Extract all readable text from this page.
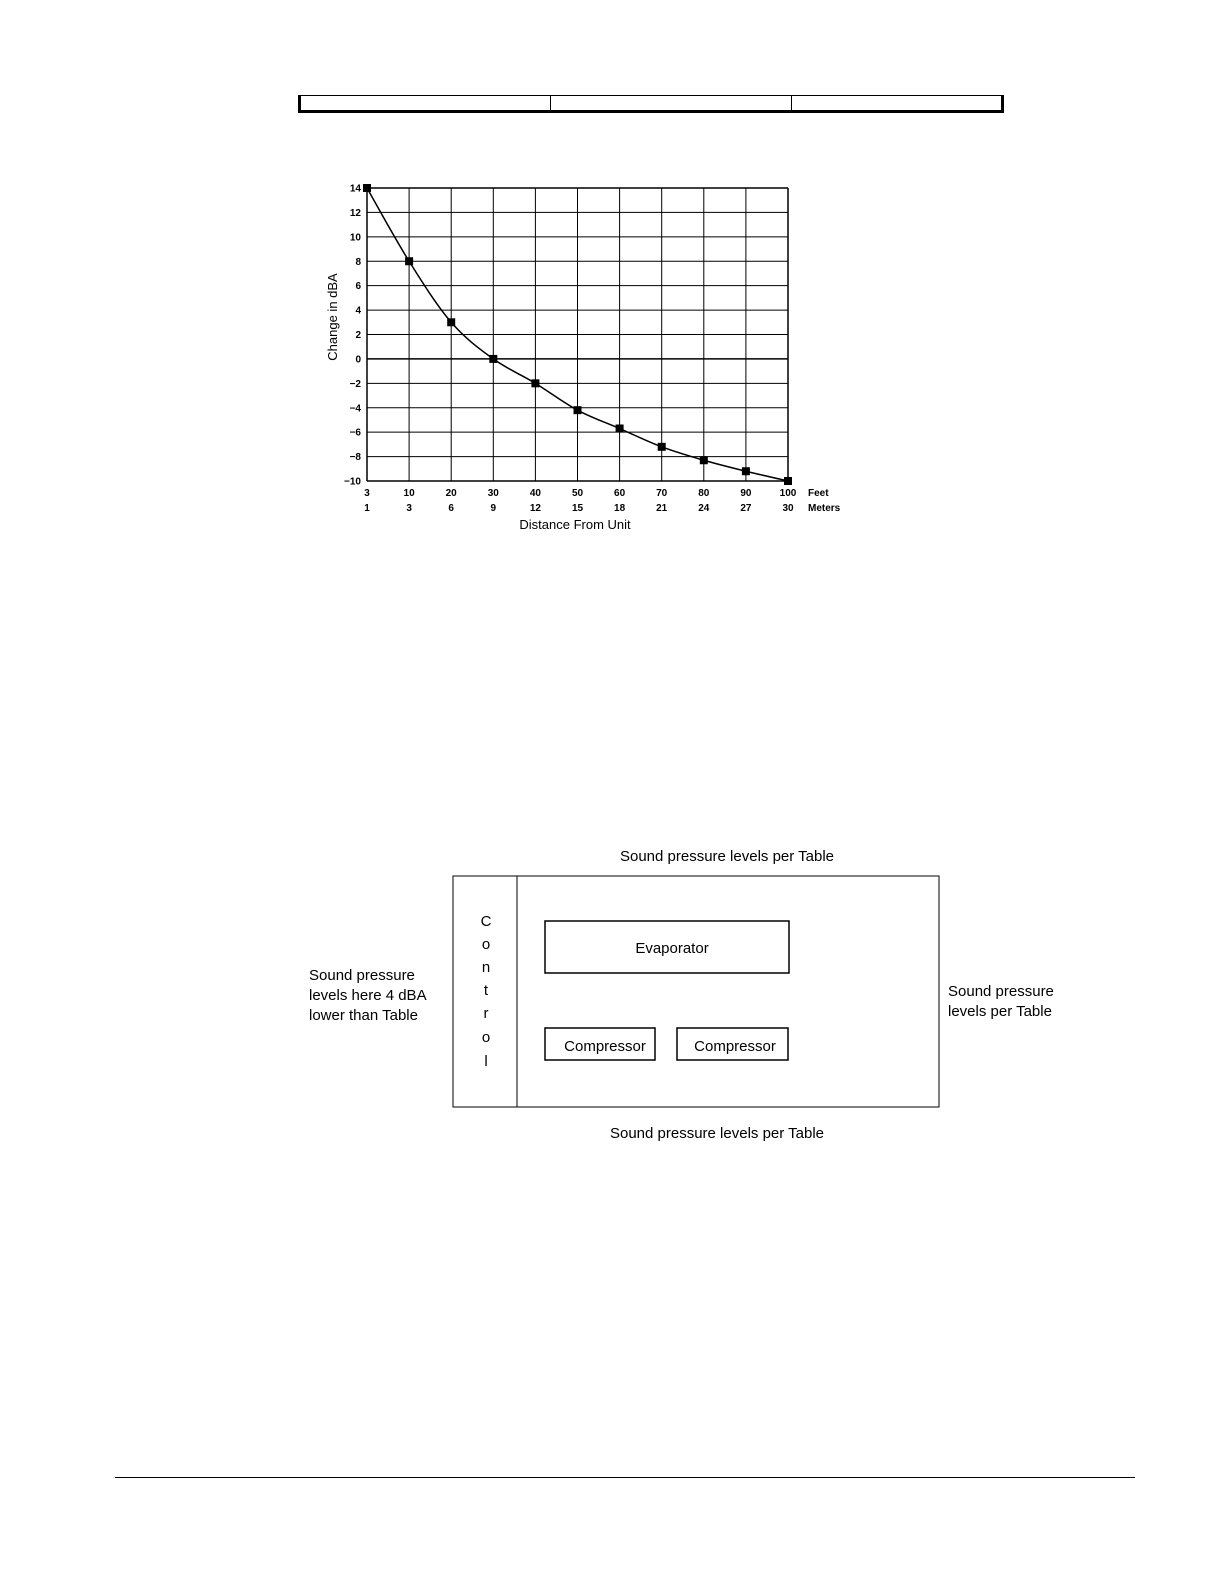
14
12
10
8
6
4
2
0
−2
−4
−6
−8
−10
3	10	20	30	40	50	60	70	80	90	100
1	3	6	9	12	15	18	21	24	27	30
Feet
Meters
Distance From Unit
Change in dBA
C
o
n
t
r
o
l
Evaporator
Compressor	Compressor
Sound pressure levels per Table
Sound pressure levels per Table
Sound pressure
levels here 4 dBA
lower than Table
Sound pressure
levels per Table
